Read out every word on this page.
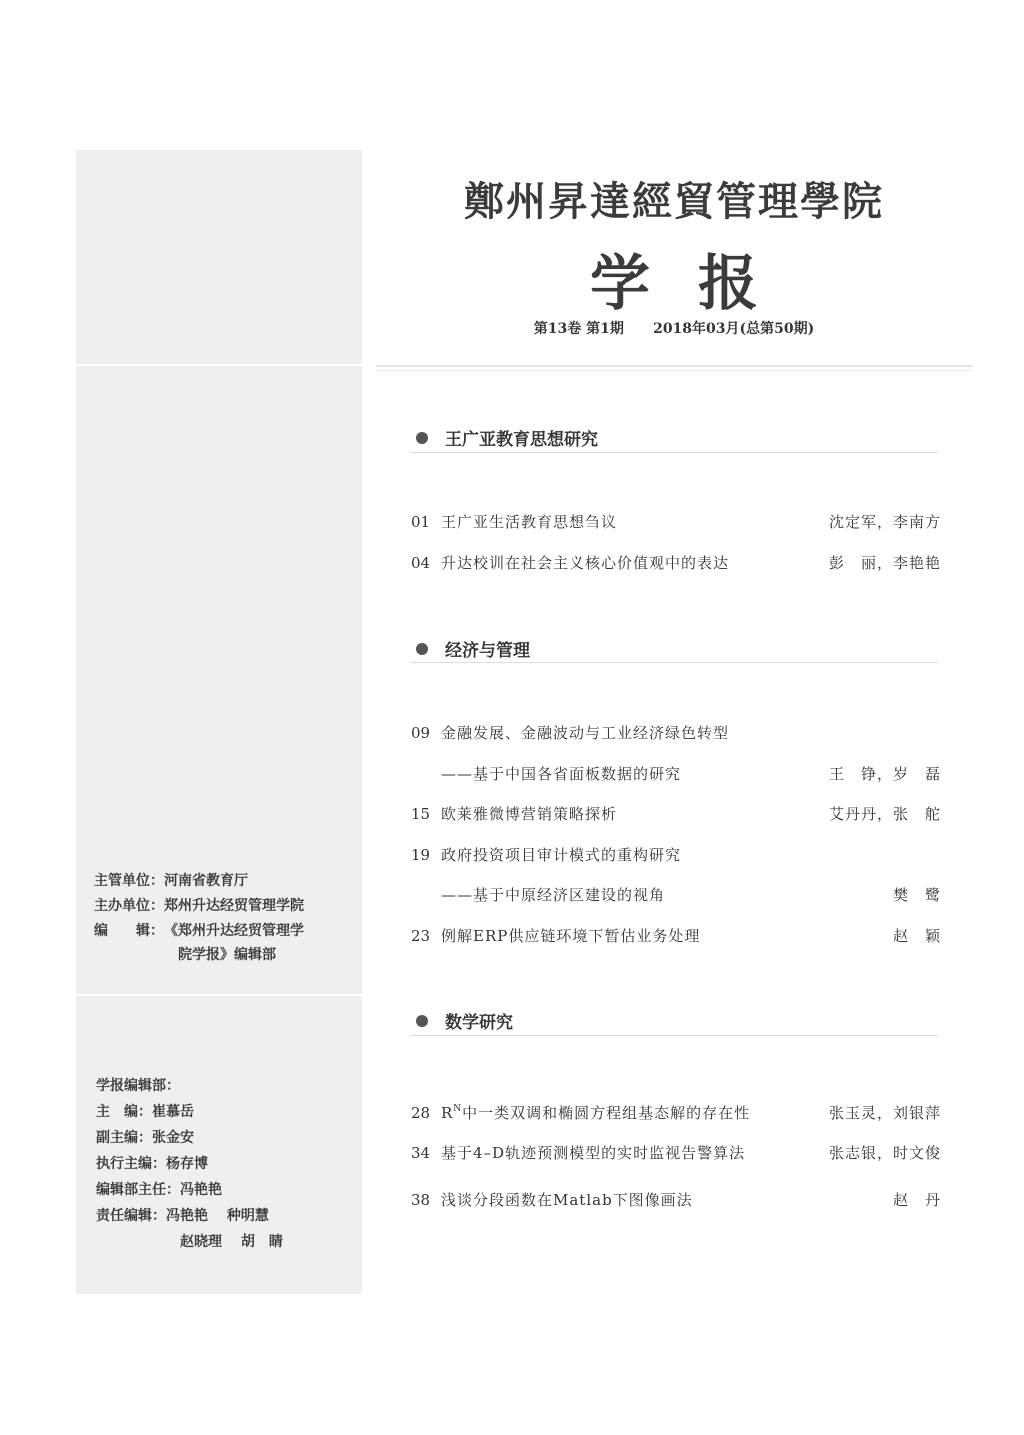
主管单位：河南省教育厅
主办单位：郑州升达经贸管理学院
编　　辑：《郑州升达经贸管理学
院学报》编辑部
学报编辑部：
主　编：崔慕岳
副主编：张金安
执行主编：杨存博
编辑部主任：冯艳艳
责任编辑：冯艳艳　 种明慧
赵晓理　 胡　睛
鄭州昇達經貿管理學院
学报
第13卷 第1期      2018年03月(总第50期)
王广亚教育思想研究
01 王广亚生活教育思想刍议	沈定军，李南方
04 升达校训在社会主义核心价值观中的表达	彭　丽，李艳艳
经济与管理
09 金融发展、金融波动与工业经济绿色转型
——基于中国各省面板数据的研究	王　铮，岁　磊
15 欧莱雅微博营销策略探析	艾丹丹，张　舵
19 政府投资项目审计模式的重构研究
——基于中原经济区建设的视角	樊　鹭
23 例解ERP供应链环境下暂估业务处理	赵　颖
数学研究
28 $R^N$中一类双调和椭圆方程组基态解的存在性	张玉灵，刘银萍
34 基于4–D轨迹预测模型的实时监视告警算法	张志银，时文俊
38 浅谈分段函数在Matlab下图像画法	赵　丹
